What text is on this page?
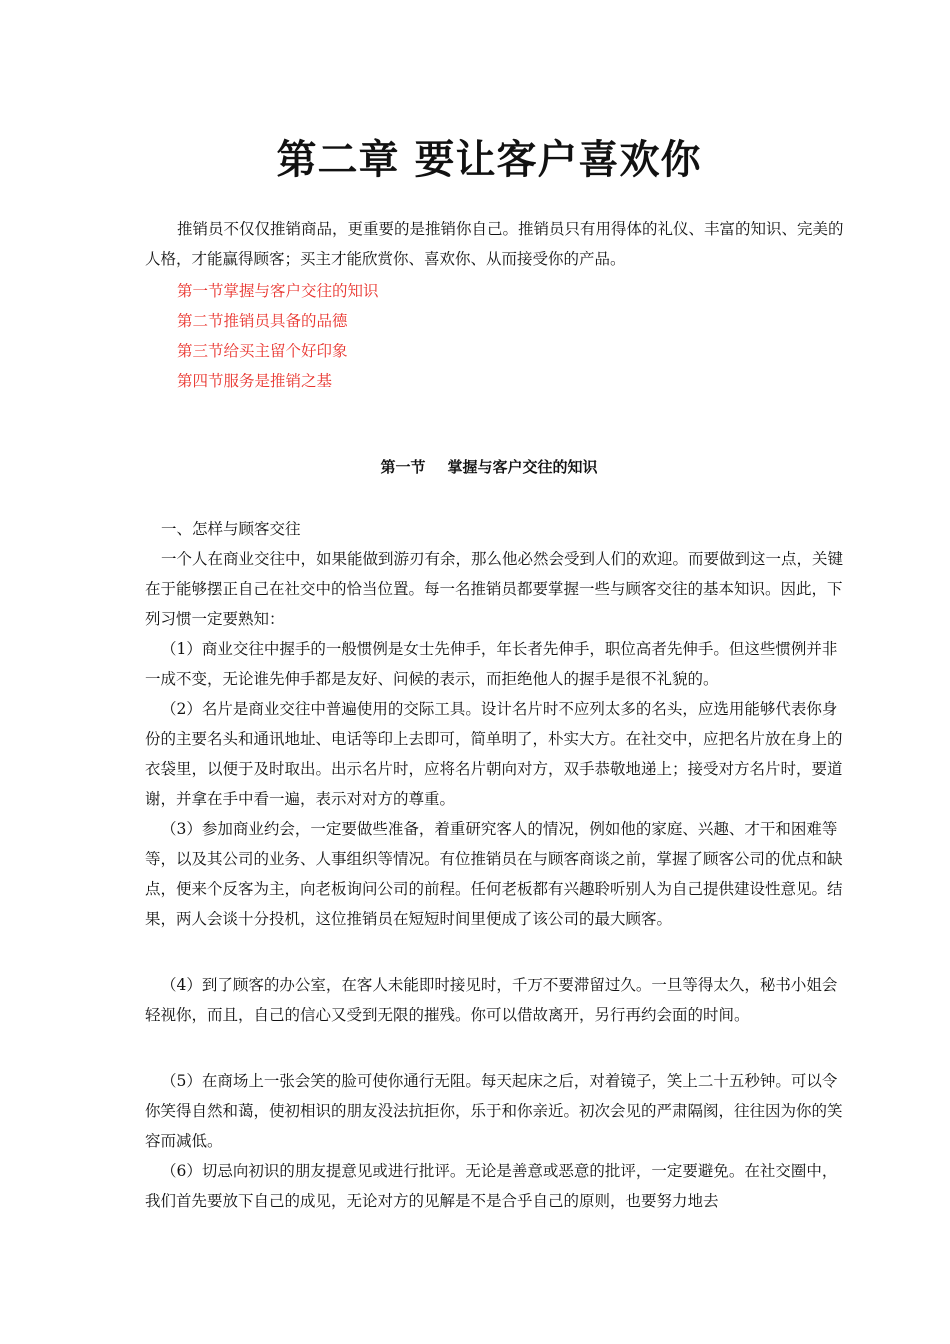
第二章 要让客户喜欢你

推销员不仅仅推销商品，更重要的是推销你自己。推销员只有用得体的礼仪、丰富的知识、完美的人格，才能赢得顾客；买主才能欣赏你、喜欢你、从而接受你的产品。

第一节掌握与客户交往的知识
第二节推销员具备的品德
第三节给买主留个好印象
第四节服务是推销之基
第一节 掌握与客户交往的知识

一、怎样与顾客交往

一个人在商业交往中，如果能做到游刃有余，那么他必然会受到人们的欢迎。而要做到这一点，关键在于能够摆正自己在社交中的恰当位置。每一名推销员都要掌握一些与顾客交往的基本知识。因此，下列习惯一定要熟知：

（1）商业交往中握手的一般惯例是女士先伸手，年长者先伸手，职位高者先伸手。但这些惯例并非一成不变，无论谁先伸手都是友好、问候的表示，而拒绝他人的握手是很不礼貌的。

（2）名片是商业交往中普遍使用的交际工具。设计名片时不应列太多的名头，应选用能够代表你身份的主要名头和通讯地址、电话等印上去即可，简单明了，朴实大方。在社交中，应把名片放在身上的衣袋里，以便于及时取出。出示名片时，应将名片朝向对方，双手恭敬地递上；接受对方名片时，要道谢，并拿在手中看一遍，表示对对方的尊重。

（3）参加商业约会，一定要做些准备，着重研究客人的情况，例如他的家庭、兴趣、才干和困难等等，以及其公司的业务、人事组织等情况。有位推销员在与顾客商谈之前，掌握了顾客公司的优点和缺点，便来个反客为主，向老板询问公司的前程。任何老板都有兴趣聆听别人为自己提供建设性意见。结果，两人会谈十分投机，这位推销员在短短时间里便成了该公司的最大顾客。

（4）到了顾客的办公室，在客人未能即时接见时，千万不要滞留过久。一旦等得太久，秘书小姐会轻视你，而且，自己的信心又受到无限的摧残。你可以借故离开，另行再约会面的时间。

（5）在商场上一张会笑的脸可使你通行无阻。每天起床之后，对着镜子，笑上二十五秒钟。可以令你笑得自然和蔼，使初相识的朋友没法抗拒你，乐于和你亲近。初次会见的严肃隔阂，往往因为你的笑容而减低。

（6）切忌向初识的朋友提意见或进行批评。无论是善意或恶意的批评，一定要避免。在社交圈中，我们首先要放下自己的成见，无论对方的见解是不是合乎自己的原则，也要努力地去
